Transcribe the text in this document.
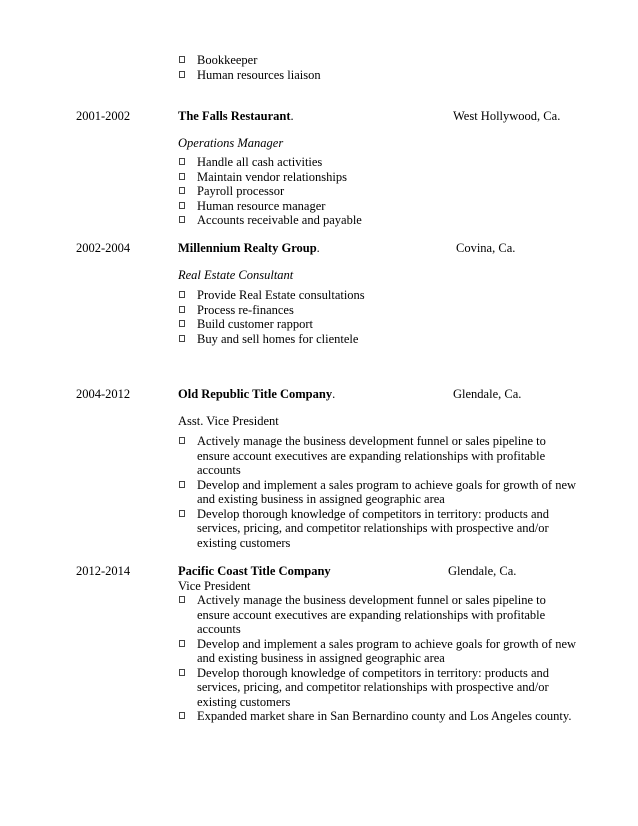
Bookkeeper
Human resources liaison
2001-2002	The Falls Restaurant.	West Hollywood, Ca.
Operations Manager
Handle all cash activities
Maintain vendor relationships
Payroll processor
Human resource manager
Accounts receivable and payable
2002-2004	Millennium Realty Group.	Covina, Ca.
Real Estate Consultant
Provide Real Estate consultations
Process re-finances
Build customer rapport
Buy and sell homes for clientele
2004-2012	Old Republic Title Company.	Glendale, Ca.
Asst. Vice President
Actively manage the business development funnel or sales pipeline to ensure account executives are expanding relationships with profitable accounts
Develop and implement a sales program to achieve goals for growth of new and existing business in assigned geographic area
Develop thorough knowledge of competitors in territory: products and services, pricing, and competitor relationships with prospective and/or existing customers
2012-2014	Pacific Coast Title Company	Glendale, Ca.
Vice President
Actively manage the business development funnel or sales pipeline to ensure account executives are expanding relationships with profitable accounts
Develop and implement a sales program to achieve goals for growth of new and existing business in assigned geographic area
Develop thorough knowledge of competitors in territory: products and services, pricing, and competitor relationships with prospective and/or existing customers
Expanded market share in San Bernardino county and Los Angeles county.
